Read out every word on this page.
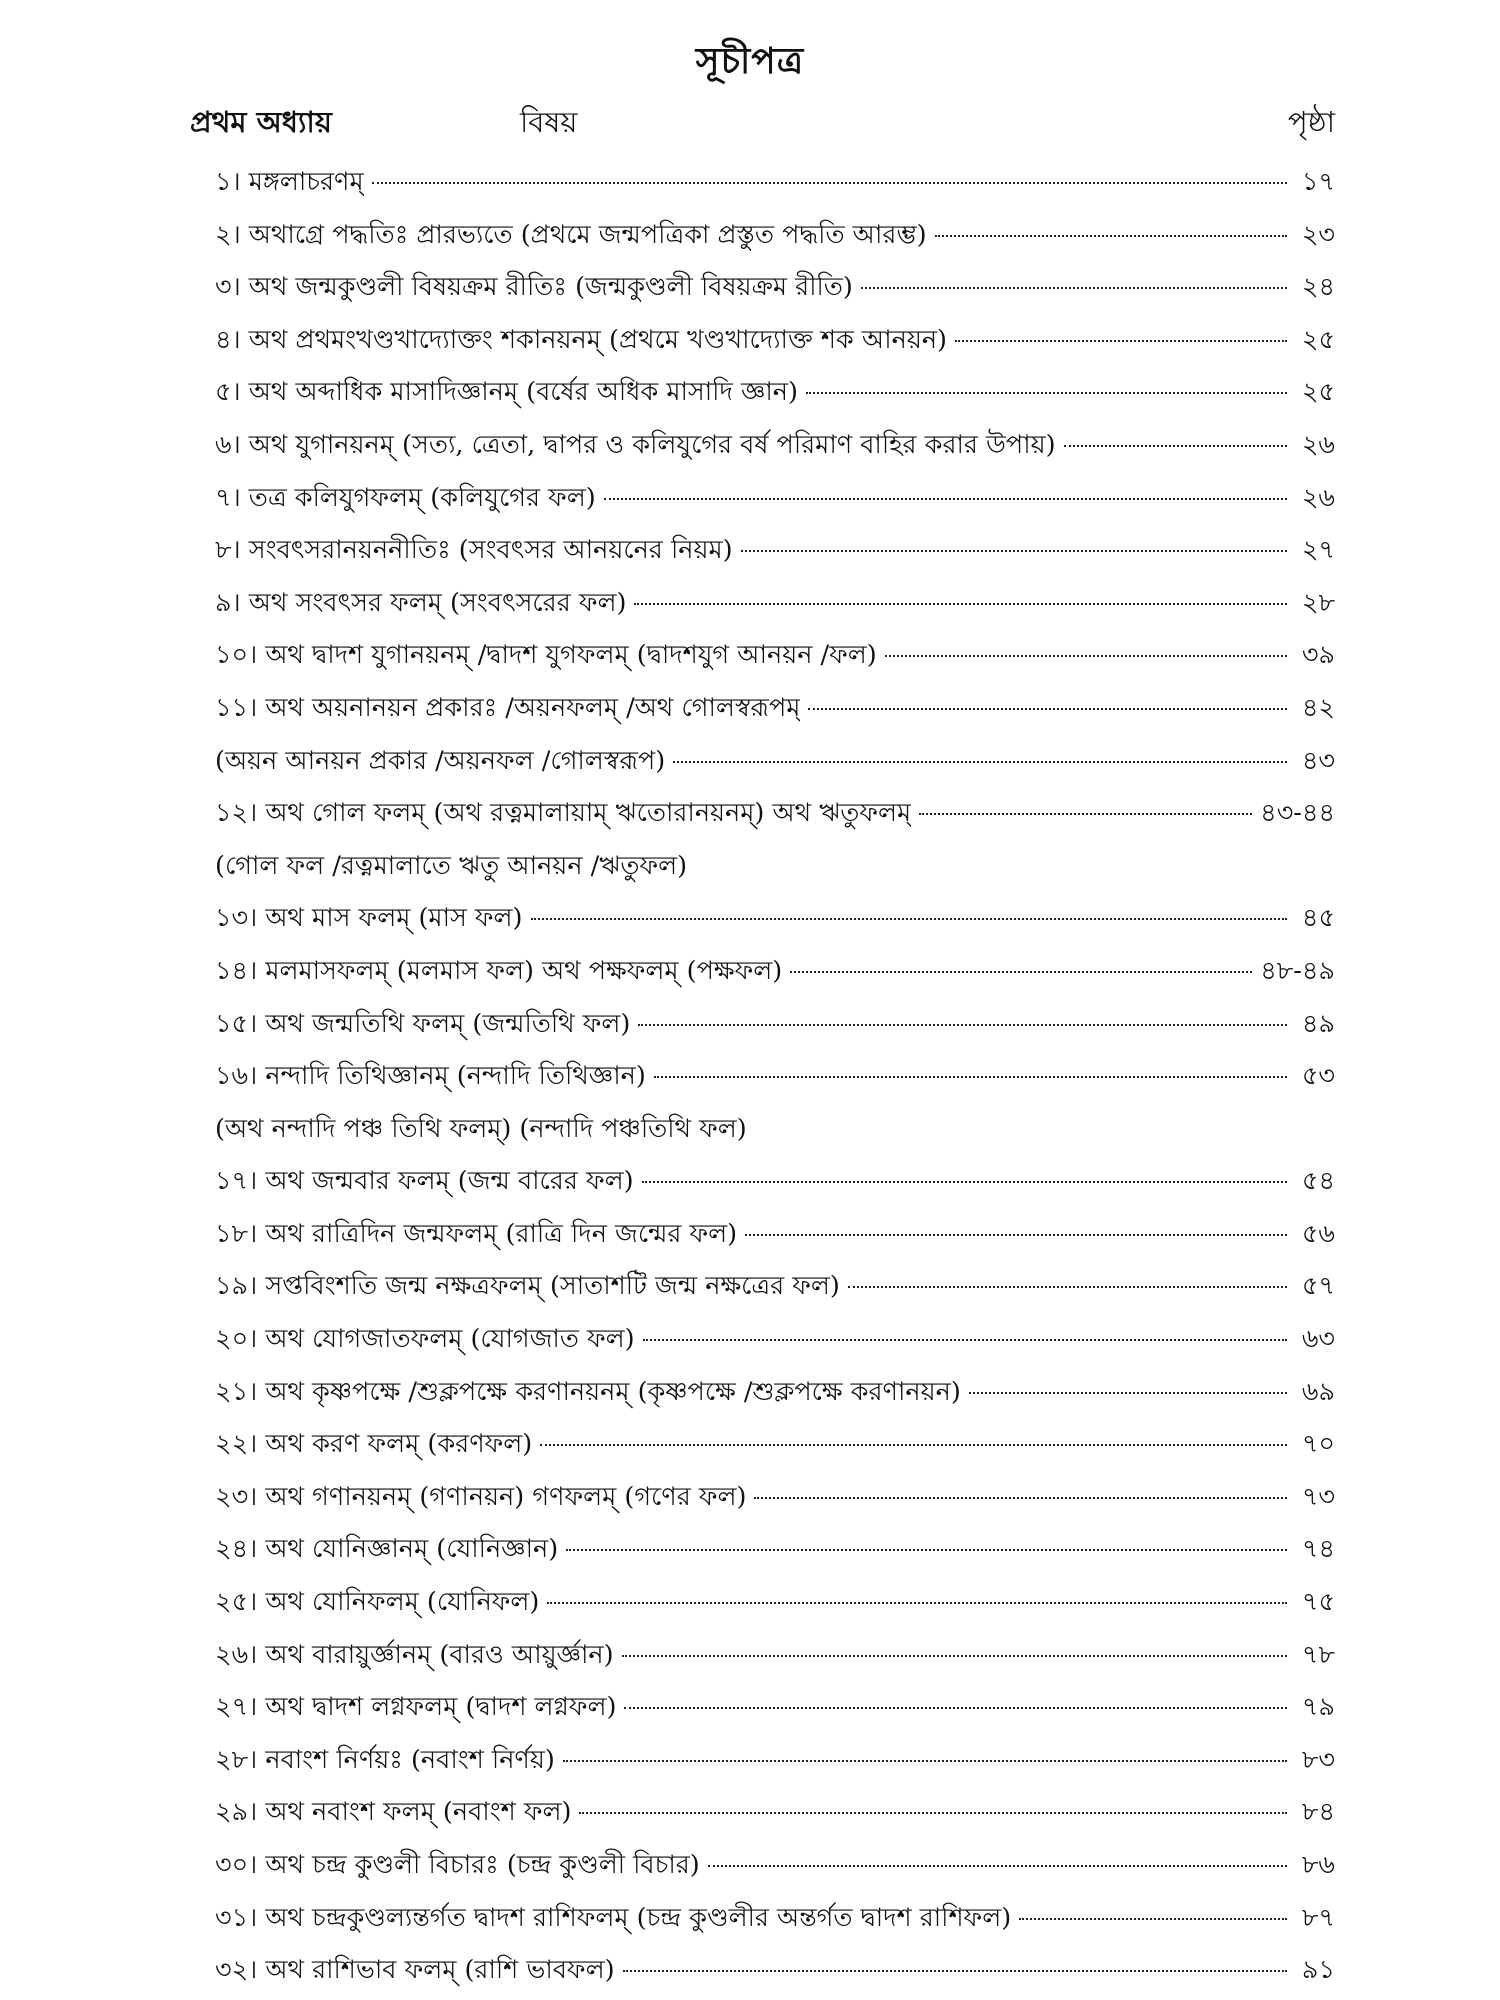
সূচীপত্র
প্রথম অধ্যায়	বিষয়	পৃষ্ঠা
১। মঙ্গলাচরণম্	১৭
২। অথাগ্রে পদ্ধতিঃ প্রারভ্যতে (প্রথমে জন্মপত্রিকা প্রস্তুত পদ্ধতি আরম্ভ)	২৩
৩। অথ জন্মকুণ্ডলী বিষয়ক্রম রীতিঃ (জন্মকুণ্ডলী বিষয়ক্রম রীতি)	২৪
৪। অথ প্রথমংখণ্ডখাদ্যোক্তং শকানয়নম্ (প্রথমে খণ্ডখাদ্যোক্ত শক আনয়ন)	২৫
৫। অথ অব্দাধিক মাসাদিজ্ঞানম্ (বর্ষের অধিক মাসাদি জ্ঞান)	২৫
৬। অথ যুগানয়নম্ (সত্য, ত্রেতা, দ্বাপর ও কলিযুগের বর্ষ পরিমাণ বাহির করার উপায়)	২৬
৭। তত্র কলিযুগফলম্ (কলিযুগের ফল)	২৬
৮। সংবৎসরানয়ননীতিঃ (সংবৎসর আনয়নের নিয়ম)	২৭
৯। অথ সংবৎসর ফলম্ (সংবৎসরের ফল)	২৮
১০। অথ দ্বাদশ যুগানয়নম্ /দ্বাদশ যুগফলম্ (দ্বাদশযুগ আনয়ন /ফল)	৩৯
১১। অথ অয়নানয়ন প্রকারঃ /অয়নফলম্ /অথ গোলস্বরূপম্	৪২
(অয়ন আনয়ন প্রকার /অয়নফল /গোলস্বরূপ)	৪৩
১২। অথ গোল ফলম্ (অথ রত্নমালায়াম্ ঋতোরানয়নম্) অথ ঋতুফলম্	৪৩-৪৪
(গোল ফল /রত্নমালাতে ঋতু আনয়ন /ঋতুফল)
১৩। অথ মাস ফলম্ (মাস ফল)	৪৫
১৪। মলমাসফলম্ (মলমাস ফল) অথ পক্ষফলম্ (পক্ষফল)	৪৮-৪৯
১৫। অথ জন্মতিথি ফলম্ (জন্মতিথি ফল)	৪৯
১৬। নন্দাদি তিথিজ্ঞানম্ (নন্দাদি তিথিজ্ঞান)	৫৩
(অথ নন্দাদি পঞ্চ তিথি ফলম্) (নন্দাদি পঞ্চতিথি ফল)
১৭। অথ জন্মবার ফলম্ (জন্ম বারের ফল)	৫৪
১৮। অথ রাত্রিদিন জন্মফলম্ (রাত্রি দিন জন্মের ফল)	৫৬
১৯। সপ্তবিংশতি জন্ম নক্ষত্রফলম্ (সাতাশটি জন্ম নক্ষত্রের ফল)	৫৭
২০। অথ যোগজাতফলম্ (যোগজাত ফল)	৬৩
২১। অথ কৃষ্ণপক্ষে /শুক্লপক্ষে করণানয়নম্ (কৃষ্ণপক্ষে /শুক্লপক্ষে করণানয়ন)	৬৯
২২। অথ করণ ফলম্ (করণফল)	৭০
২৩। অথ গণানয়নম্ (গণানয়ন) গণফলম্ (গণের ফল)	৭৩
২৪। অথ যোনিজ্ঞানম্ (যোনিজ্ঞান)	৭৪
২৫। অথ যোনিফলম্ (যোনিফল)	৭৫
২৬। অথ বারায়ুর্জ্ঞানম্ (বারও আয়ুর্জ্ঞান)	৭৮
২৭। অথ দ্বাদশ লগ্নফলম্ (দ্বাদশ লগ্নফল)	৭৯
২৮। নবাংশ নির্ণয়ঃ (নবাংশ নির্ণয়)	৮৩
২৯। অথ নবাংশ ফলম্ (নবাংশ ফল)	৮৪
৩০। অথ চন্দ্র কুণ্ডলী বিচারঃ (চন্দ্র কুণ্ডলী বিচার)	৮৬
৩১। অথ চন্দ্রকুণ্ডল্যন্তর্গত দ্বাদশ রাশিফলম্ (চন্দ্র কুণ্ডলীর অন্তর্গত দ্বাদশ রাশিফল)	৮৭
৩২। অথ রাশিভাব ফলম্ (রাশি ভাবফল)	৯১
